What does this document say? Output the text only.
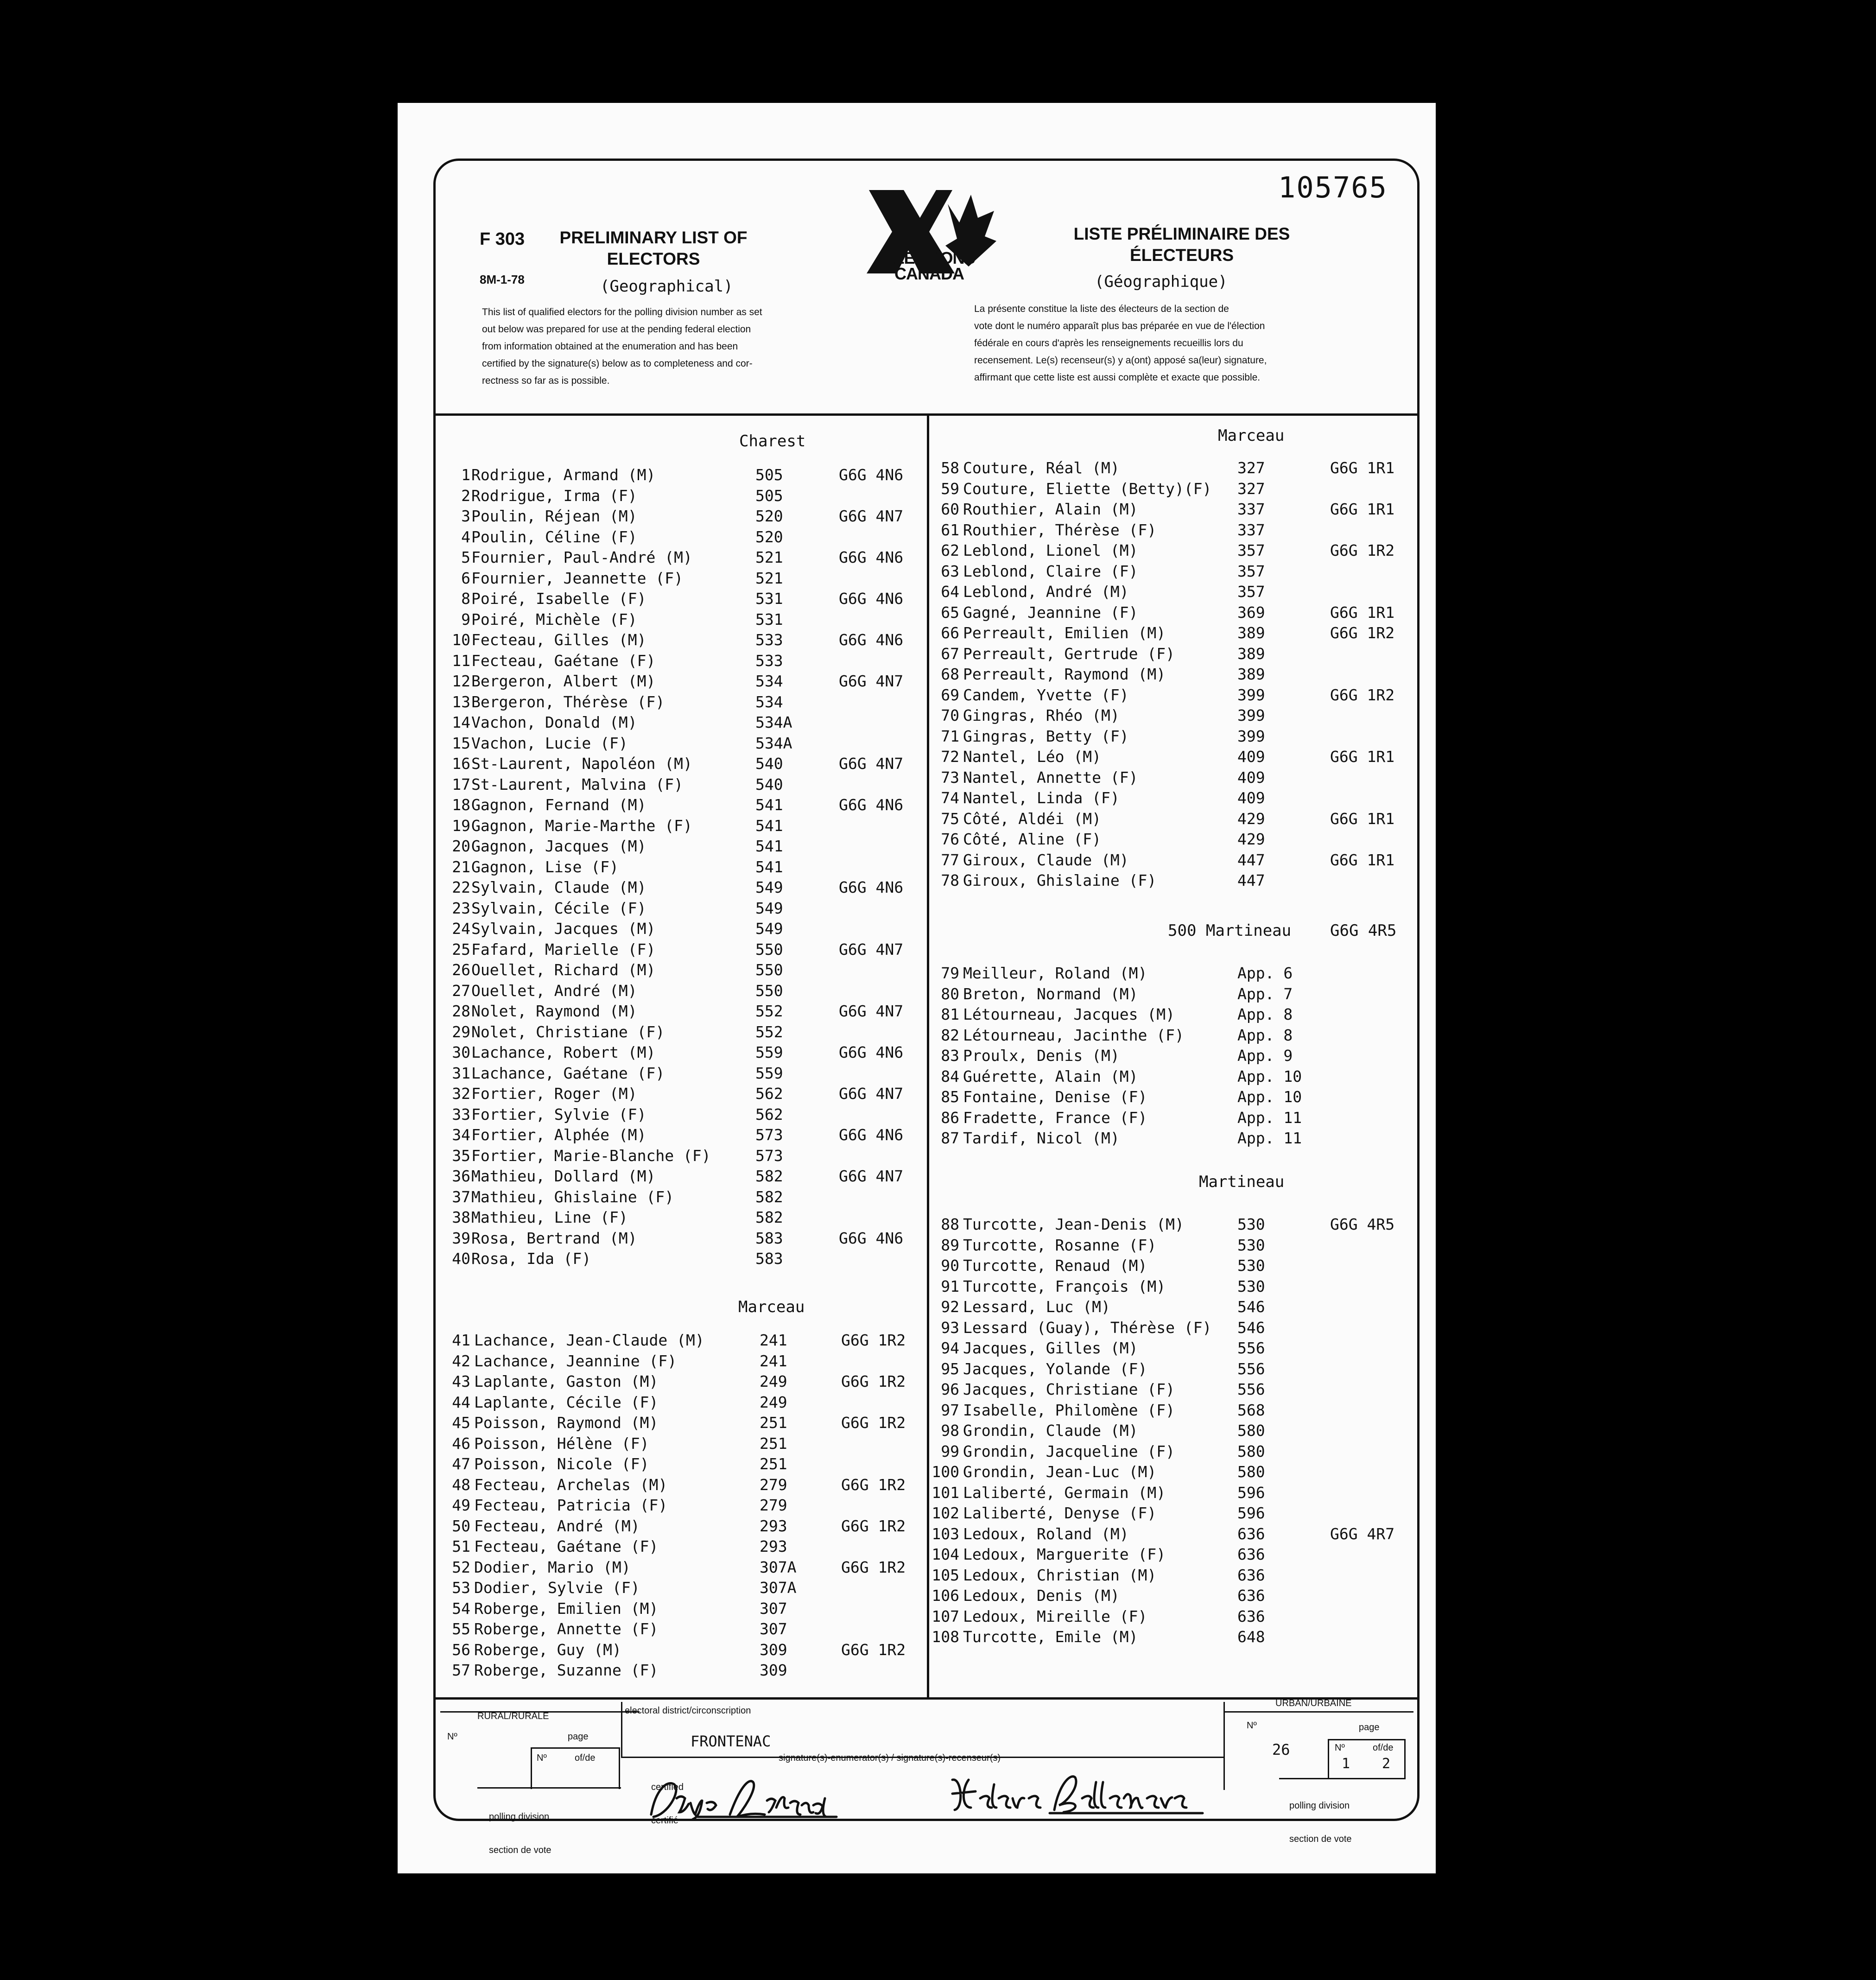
105765
F 303
8M-1-78
PRELIMINARY LIST OF
ELECTORS
(Geographical)
This list of qualified electors for the polling division number as set
out below was prepared for use at the pending federal election
from information obtained at the enumeration and has been
certified by the signature(s) below as to completeness and cor-
rectness so far as is possible.
ELECTIONS
CANADA
LISTE PRÉLIMINAIRE DES
ÉLECTEURS
(Géographique)
La présente constitue la liste des électeurs de la section de
vote dont le numéro apparaît plus bas préparée en vue de l'élection
fédérale en cours d'après les renseignements recueillis lors du
recensement. Le(s) recenseur(s) y a(ont) apposé sa(leur) signature,
affirmant que cette liste est aussi complète et exacte que possible.
Charest
1 Rodrigue, Armand (M)	505	G6G 4N6
2 Rodrigue, Irma (F)	505
3 Poulin, Réjean (M)	520	G6G 4N7
4 Poulin, Céline (F)	520
5 Fournier, Paul-André (M)	521	G6G 4N6
6 Fournier, Jeannette (F)	521
8 Poiré, Isabelle (F)	531	G6G 4N6
9 Poiré, Michèle (F)	531
10 Fecteau, Gilles (M)	533	G6G 4N6
11 Fecteau, Gaétane (F)	533
12 Bergeron, Albert (M)	534	G6G 4N7
13 Bergeron, Thérèse (F)	534
14 Vachon, Donald (M)	534A
15 Vachon, Lucie (F)	534A
16 St-Laurent, Napoléon (M)	540	G6G 4N7
17 St-Laurent, Malvina (F)	540
18 Gagnon, Fernand (M)	541	G6G 4N6
19 Gagnon, Marie-Marthe (F)	541
20 Gagnon, Jacques (M)	541
21 Gagnon, Lise (F)	541
22 Sylvain, Claude (M)	549	G6G 4N6
23 Sylvain, Cécile (F)	549
24 Sylvain, Jacques (M)	549
25 Fafard, Marielle (F)	550	G6G 4N7
26 Ouellet, Richard (M)	550
27 Ouellet, André (M)	550
28 Nolet, Raymond (M)	552	G6G 4N7
29 Nolet, Christiane (F)	552
30 Lachance, Robert (M)	559	G6G 4N6
31 Lachance, Gaétane (F)	559
32 Fortier, Roger (M)	562	G6G 4N7
33 Fortier, Sylvie (F)	562
34 Fortier, Alphée (M)	573	G6G 4N6
35 Fortier, Marie-Blanche (F)	573
36 Mathieu, Dollard (M)	582	G6G 4N7
37 Mathieu, Ghislaine (F)	582
38 Mathieu, Line (F)	582
39 Rosa, Bertrand (M)	583	G6G 4N6
40 Rosa, Ida (F)	583
Marceau
41 Lachance, Jean-Claude (M)	241	G6G 1R2
42 Lachance, Jeannine (F)	241
43 Laplante, Gaston (M)	249	G6G 1R2
44 Laplante, Cécile (F)	249
45 Poisson, Raymond (M)	251	G6G 1R2
46 Poisson, Hélène (F)	251
47 Poisson, Nicole (F)	251
48 Fecteau, Archelas (M)	279	G6G 1R2
49 Fecteau, Patricia (F)	279
50 Fecteau, André (M)	293	G6G 1R2
51 Fecteau, Gaétane (F)	293
52 Dodier, Mario (M)	307A	G6G 1R2
53 Dodier, Sylvie (F)	307A
54 Roberge, Emilien (M)	307
55 Roberge, Annette (F)	307
56 Roberge, Guy (M)	309	G6G 1R2
57 Roberge, Suzanne (F)	309
Marceau
58 Couture, Réal (M)	327	G6G 1R1
59 Couture, Eliette (Betty)(F) 327
60 Routhier, Alain (M)	337	G6G 1R1
61 Routhier, Thérèse (F)	337
62 Leblond, Lionel (M)	357	G6G 1R2
63 Leblond, Claire (F)	357
64 Leblond, André (M)	357
65 Gagné, Jeannine (F)	369	G6G 1R1
66 Perreault, Emilien (M)	389	G6G 1R2
67 Perreault, Gertrude (F)	389
68 Perreault, Raymond (M)	389
69 Candem, Yvette (F)	399	G6G 1R2
70 Gingras, Rhéo (M)	399
71 Gingras, Betty (F)	399
72 Nantel, Léo (M)	409	G6G 1R1
73 Nantel, Annette (F)	409
74 Nantel, Linda (F)	409
75 Côté, Aldéi (M)	429	G6G 1R1
76 Côté, Aline (F)	429
77 Giroux, Claude (M)	447	G6G 1R1
78 Giroux, Ghislaine (F)	447
500 Martineau G6G 4R5
79 Meilleur, Roland (M)	App. 6
80 Breton, Normand (M)	App. 7
81 Létourneau, Jacques (M)	App. 8
82 Létourneau, Jacinthe (F)	App. 8
83 Proulx, Denis (M)	App. 9
84 Guérette, Alain (M)	App. 10
85 Fontaine, Denise (F)	App. 10
86 Fradette, France (F)	App. 11
87 Tardif, Nicol (M)	App. 11
Martineau
88 Turcotte, Jean-Denis (M)	530	G6G 4R5
89 Turcotte, Rosanne (F)	530
90 Turcotte, Renaud (M)	530
91 Turcotte, François (M)	530
92 Lessard, Luc (M)	546
93 Lessard (Guay), Thérèse (F) 546
94 Jacques, Gilles (M)	556
95 Jacques, Yolande (F)	556
96 Jacques, Christiane (F)	556
97 Isabelle, Philomène (F)	568
98 Grondin, Claude (M)	580
99 Grondin, Jacqueline (F)	580
100 Grondin, Jean-Luc (M)	580
101 Laliberté, Germain (M)	596
102 Laliberté, Denyse (F)	596
103 Ledoux, Roland (M)	636	G6G 4R7
104 Ledoux, Marguerite (F)	636
105 Ledoux, Christian (M)	636
106 Ledoux, Denis (M)	636
107 Ledoux, Mireille (F)	636
108 Turcotte, Emile (M)	648
RURAL/RURALE
Nº	page
Nº	of/de

polling division

section de vote

electoral district/circonscription
FRONTENAC

certified

certifié

signature(s)-enumerator(s) / signature(s)-recenseur(s)
URBAN/URBAINE
Nº	page
26	Nº	of/de
1 2

polling division

section de vote
